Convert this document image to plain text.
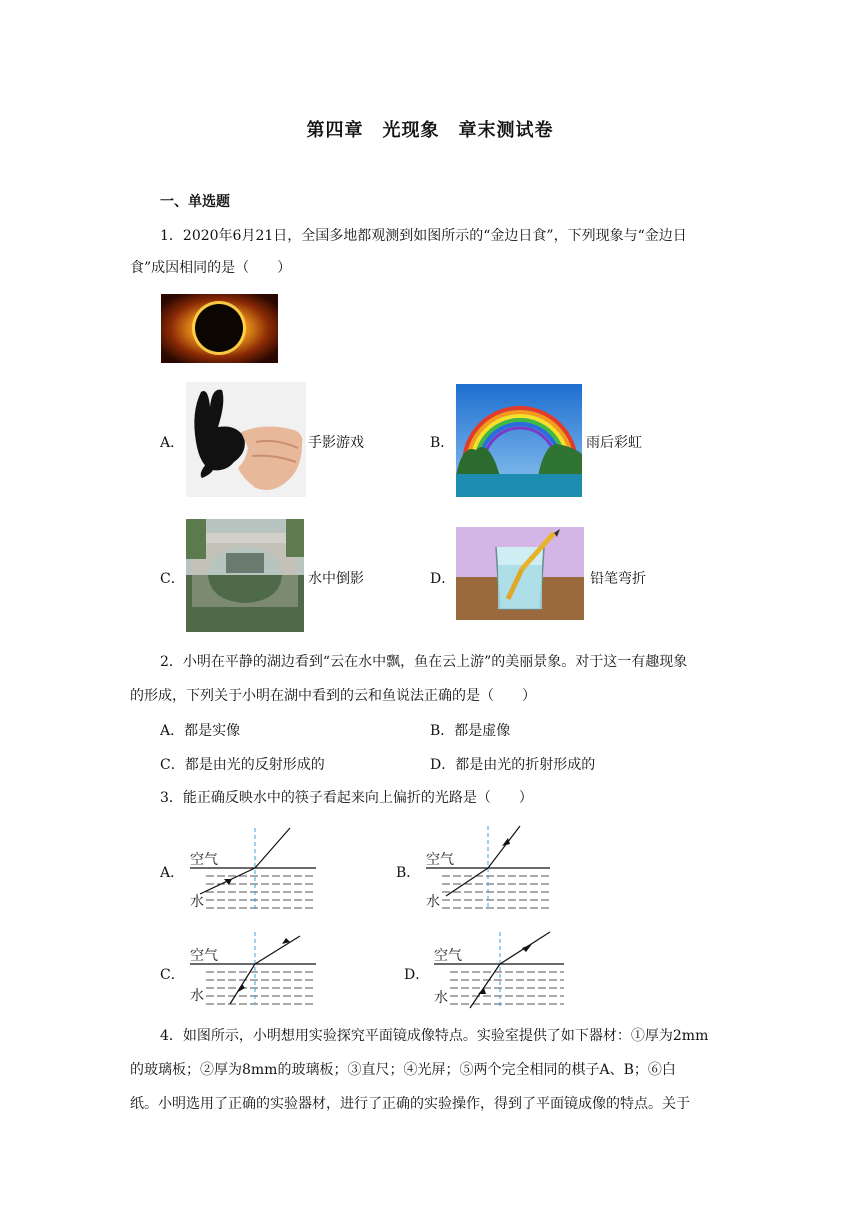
第四章　光现象　章末测试卷
一、单选题
1．2020年6月21日，全国多地都观测到如图所示的“金边日食”，下列现象与“金边日
食”成因相同的是（　　）
A．	手影游戏	B．	雨后彩虹
C．	水中倒影	D．	铅笔弯折
2．小明在平静的湖边看到“云在水中飘，鱼在云上游”的美丽景象。对于这一有趣现象
的形成，下列关于小明在湖中看到的云和鱼说法正确的是（　　）
A．都是实像	B．都是虚像
C．都是由光的反射形成的	D．都是由光的折射形成的
3．能正确反映水中的筷子看起来向上偏折的光路是（　　）
A．
空气
水
B．
空气
水
C．
空气
水
D．
空气
水
4．如图所示，小明想用实验探究平面镜成像特点。实验室提供了如下器材：①厚为2mm
的玻璃板；②厚为8mm的玻璃板；③直尺；④光屏；⑤两个完全相同的棋子A、B；⑥白
纸。小明选用了正确的实验器材，进行了正确的实验操作，得到了平面镜成像的特点。关于
